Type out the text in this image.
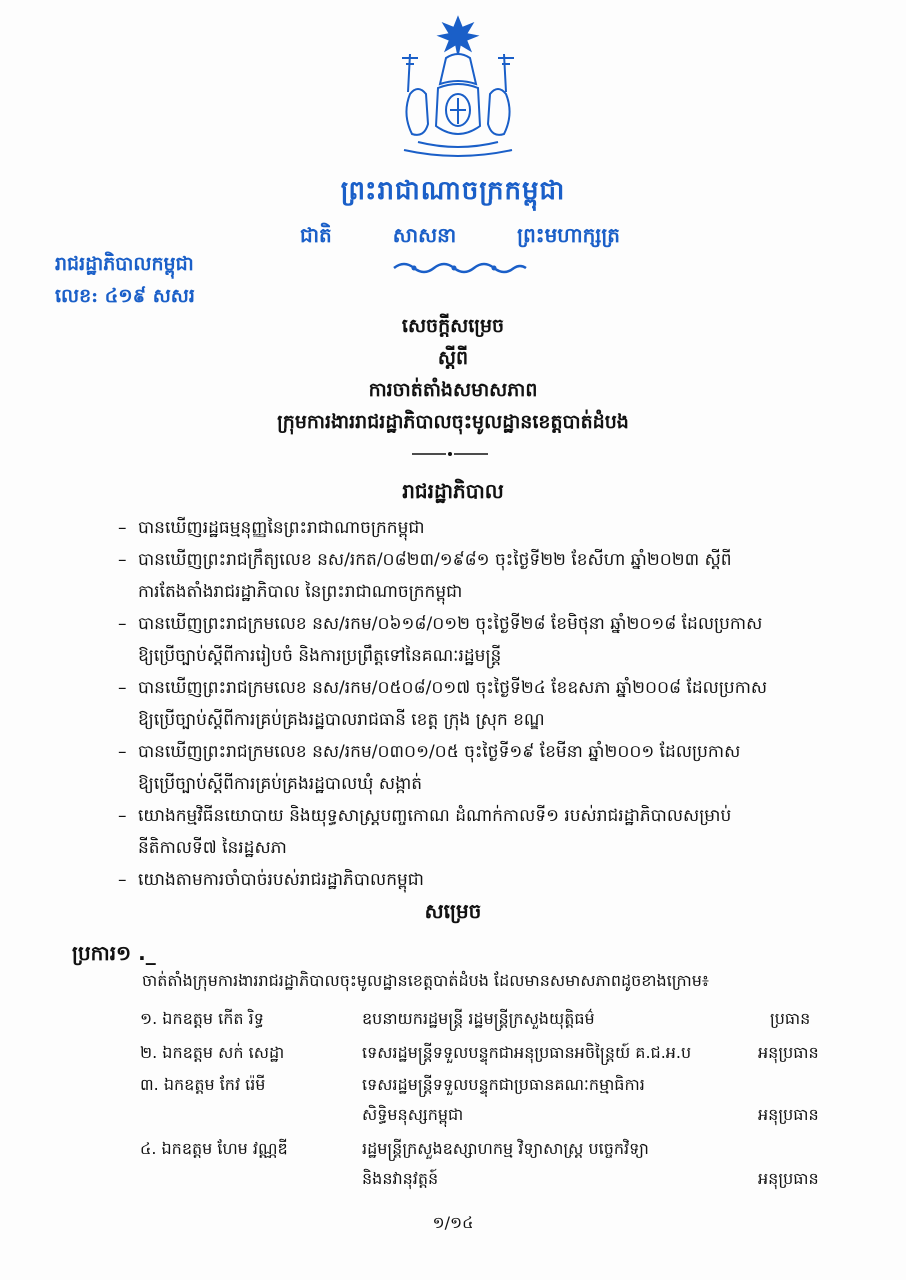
ព្រះរាជាណាចក្រកម្ពុជា
ជាតិ	សាសនា	ព្រះមហាក្សត្រ
រាជរដ្ឋាភិបាលកម្ពុជា
លេខ: ៤១៩ សសរ
សេចក្តីសម្រេច
ស្តីពី
ការចាត់តាំងសមាសភាព
ក្រុមការងាររាជរដ្ឋាភិបាលចុះមូលដ្ឋានខេត្តបាត់ដំបង
រាជរដ្ឋាភិបាល
– បានឃើញរដ្ឋធម្មនុញ្ញនៃព្រះរាជាណាចក្រកម្ពុជា
– បានឃើញព្រះរាជក្រឹត្យលេខ នស/រកត/០៨២៣/១៩៨១ ចុះថ្ងៃទី២២ ខែសីហា ឆ្នាំ២០២៣ ស្តីពី
ការតែងតាំងរាជរដ្ឋាភិបាល នៃព្រះរាជាណាចក្រកម្ពុជា
– បានឃើញព្រះរាជក្រមលេខ នស/រកម/០៦១៨/០១២ ចុះថ្ងៃទី២៨ ខែមិថុនា ឆ្នាំ២០១៨ ដែលប្រកាស
ឱ្យប្រើច្បាប់ស្តីពីការរៀបចំ និងការប្រព្រឹត្តទៅនៃគណៈរដ្ឋមន្ត្រី
– បានឃើញព្រះរាជក្រមលេខ នស/រកម/០៥០៨/០១៧ ចុះថ្ងៃទី២៤ ខែឧសភា ឆ្នាំ២០០៨ ដែលប្រកាស
ឱ្យប្រើច្បាប់ស្តីពីការគ្រប់គ្រងរដ្ឋបាលរាជធានី ខេត្ត ក្រុង ស្រុក ខណ្ឌ
– បានឃើញព្រះរាជក្រមលេខ នស/រកម/០៣០១/០៥ ចុះថ្ងៃទី១៩ ខែមីនា ឆ្នាំ២០០១ ដែលប្រកាស
ឱ្យប្រើច្បាប់ស្តីពីការគ្រប់គ្រងរដ្ឋបាលឃុំ សង្កាត់
– យោងកម្មវិធីនយោបាយ និងយុទ្ធសាស្ត្របញ្ចកោណ ដំណាក់កាលទី១ របស់រាជរដ្ឋាភិបាលសម្រាប់
នីតិកាលទី៧ នៃរដ្ឋសភា
– យោងតាមការចាំបាច់របស់រាជរដ្ឋាភិបាលកម្ពុជា
សម្រេច
ប្រការ១ ._
ចាត់តាំងក្រុមការងាររាជរដ្ឋាភិបាលចុះមូលដ្ឋានខេត្តបាត់ដំបង ដែលមានសមាសភាពដូចខាងក្រោម៖
១. ឯកឧត្តម កើត រិទ្ធ	ឧបនាយករដ្ឋមន្ត្រី រដ្ឋមន្ត្រីក្រសួងយុត្តិធម៌	ប្រធាន
២. ឯកឧត្តម សក់ សេដ្ឋា	ទេសរដ្ឋមន្ត្រីទទួលបន្ទុកជាអនុប្រធានអចិន្ត្រៃយ៍ គ.ជ.អ.ប	អនុប្រធាន
៣. ឯកឧត្តម កែវ រ៉េមី	ទេសរដ្ឋមន្ត្រីទទួលបន្ទុកជាប្រធានគណៈកម្មាធិការ
សិទ្ធិមនុស្សកម្ពុជា	អនុប្រធាន
៤. ឯកឧត្តម ហែម វណ្ណឌី	រដ្ឋមន្ត្រីក្រសួងឧស្សាហកម្ម វិទ្យាសាស្ត្រ បច្ចេកវិទ្យា
និងនវានុវត្តន៍	អនុប្រធាន
១/១៤
